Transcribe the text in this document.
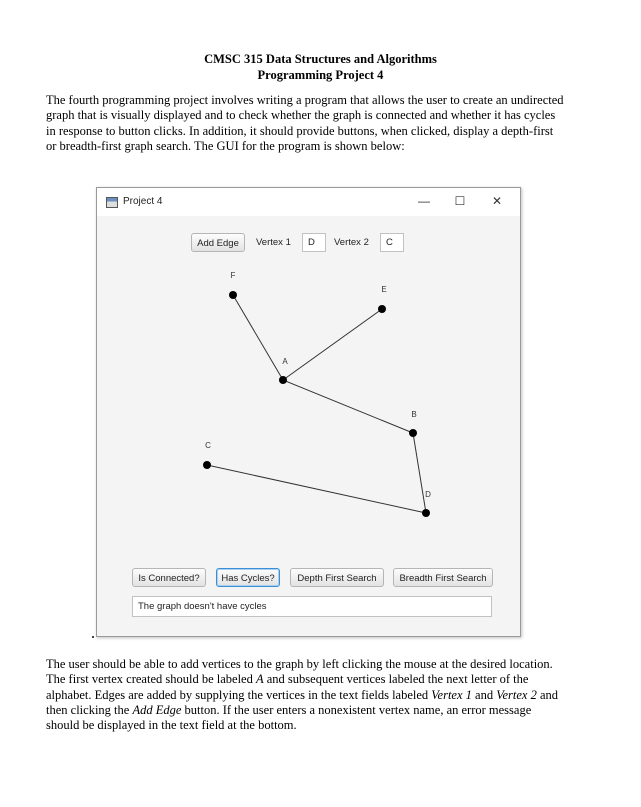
CMSC 315 Data Structures and Algorithms
Programming Project 4
The fourth programming project involves writing a program that allows the user to create an undirected graph that is visually displayed and to check whether the graph is connected and whether it has cycles in response to button clicks. In addition, it should provide buttons, when clicked, display a depth-first or breadth-first graph search. The GUI for the program is shown below:
Project 4	—	☐	✕
Add Edge	Vertex 1	D	Vertex 2	C
F
E
A
B
C
D
Is Connected?	Has Cycles?	Depth First Search	Breadth First Search
The graph doesn't have cycles
The user should be able to add vertices to the graph by left clicking the mouse at the desired location. The first vertex created should be labeled A and subsequent vertices labeled the next letter of the alphabet. Edges are added by supplying the vertices in the text fields labeled Vertex 1 and Vertex 2 and then clicking the Add Edge button. If the user enters a nonexistent vertex name, an error message should be displayed in the text field at the bottom.
